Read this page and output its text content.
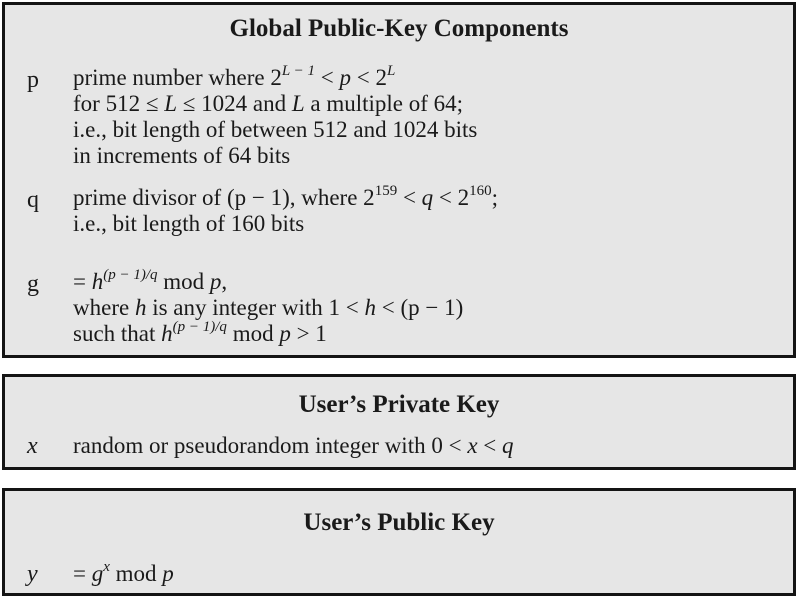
Global Public-Key Components
p prime number where $2^{L - 1} < p < 2^L$
for 512 ≤ L ≤ 1024 and L a multiple of 64;
i.e., bit length of between 512 and 1024 bits
in increments of 64 bits
q prime divisor of (p − 1), where $2^{159} < q < 2^{160}$;
i.e., bit length of 160 bits
$g = h^{(p - 1)/q}$ mod p,
where h is any integer with 1 < h < (p − 1)
such that $h^{(p - 1)/q}$ mod p > 1
User’s Private Key
x random or pseudorandom integer with 0 < x < q
User’s Public Key
$y = g^x$ mod p
